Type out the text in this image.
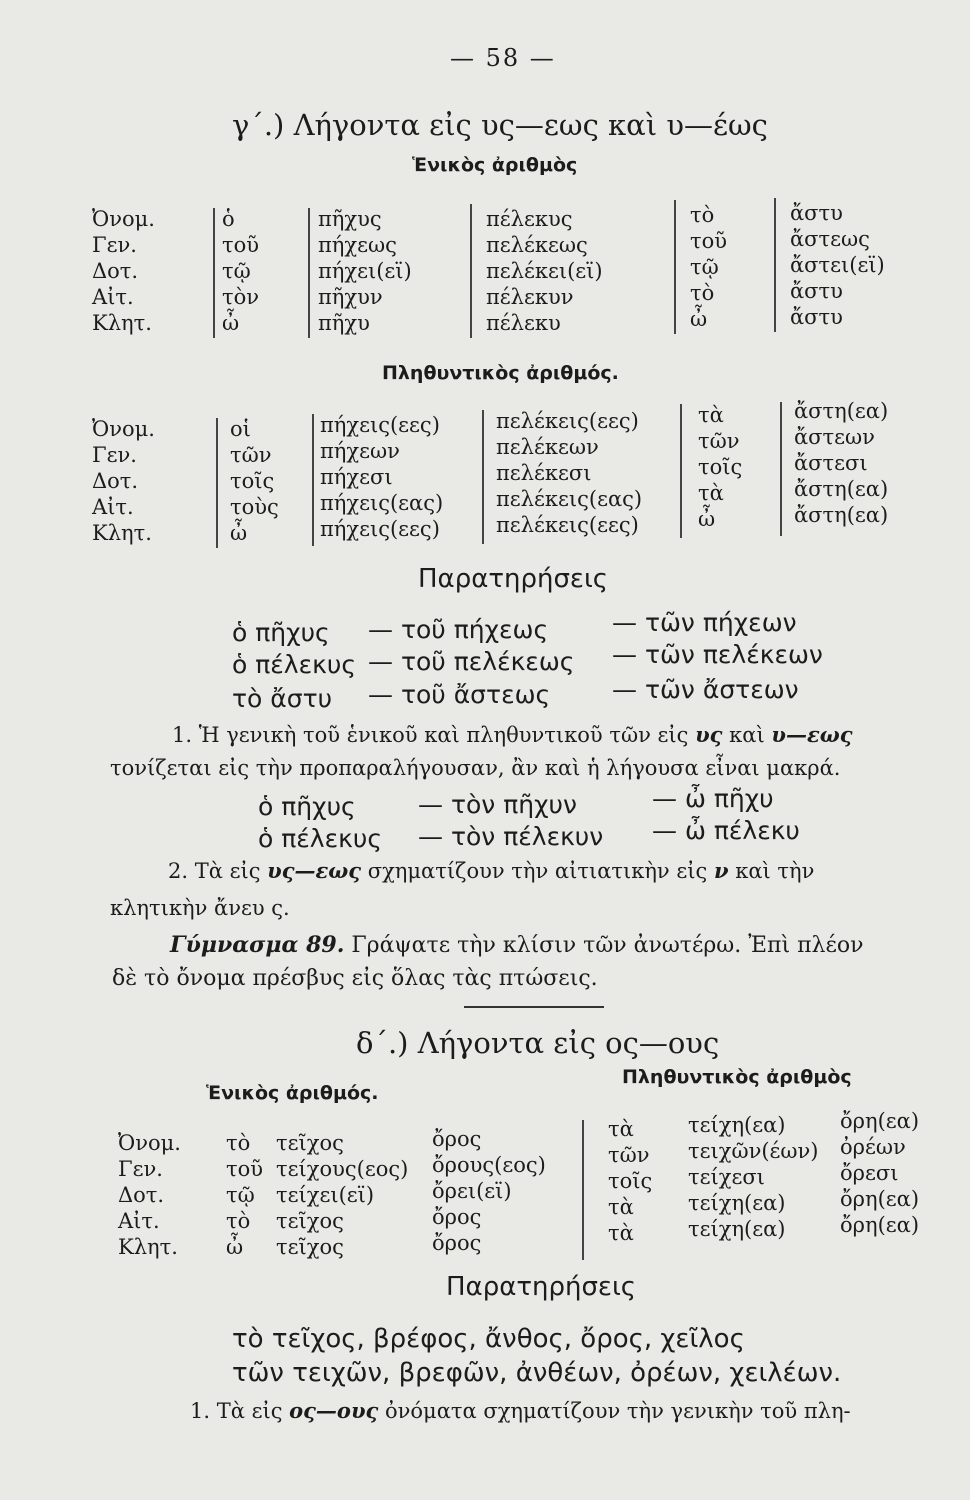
— 58 —
γ΄.) Λήγοντα εἰς υς—εως καὶ υ—έως
Ἑνικὸς ἀριθμὸς
Ὀνομ.
Γεν.
Δοτ.
Αἰτ.
Κλητ.
ὁ
τοῦ
τῷ
τὸν
ὦ
πῆχυς
πήχεως
πήχει(εϊ)
πῆχυν
πῆχυ
πέλεκυς
πελέκεως
πελέκει(εϊ)
πέλεκυν
πέλεκυ
τὸ
τοῦ
τῷ
τὸ
ὦ
ἄστυ
ἄστεως
ἄστει(εϊ)
ἄστυ
ἄστυ
Πληθυντικὸς ἀριθμός.
Ὀνομ.
Γεν.
Δοτ.
Αἰτ.
Κλητ.
οἱ
τῶν
τοῖς
τοὺς
ὦ
πήχεις(εες)
πήχεων
πήχεσι
πήχεις(εας)
πήχεις(εες)
πελέκεις(εες)
πελέκεων
πελέκεσι
πελέκεις(εας)
πελέκεις(εες)
τὰ
τῶν
τοῖς
τὰ
ὦ
ἄστη(εα)
ἄστεων
ἄστεσι
ἄστη(εα)
ἄστη(εα)
Παρατηρήσεις
ὁ πῆχυς — τοῦ πήχεως	— τῶν πήχεων
ὁ πέλεκυς — τοῦ πελέκεως — τῶν πελέκεων
τὸ ἄστυ — τοῦ ἄστεως — τῶν ἄστεων
1. Ἡ γενικὴ τοῦ ἑνικοῦ καὶ πληθυντικοῦ τῶν εἰς υς καὶ υ—εως
τονίζεται εἰς τὴν προπαραλήγουσαν, ἂν καὶ ἡ λήγουσα εἶναι μακρά.
ὁ πῆχυς — τὸν πῆχυν	— ὦ πῆχυ
ὁ πέλεκυς — τὸν πέλεκυν — ὦ πέλεκυ
2. Τὰ εἰς υς—εως σχηματίζουν τὴν αἰτιατικὴν εἰς ν καὶ τὴν
κλητικὴν ἄνευ ς.
Γύμνασμα 89. Γράψατε τὴν κλίσιν τῶν ἀνωτέρω. Ἐπὶ πλέον
δὲ τὸ ὄνομα πρέσβυς εἰς ὅλας τὰς πτώσεις.
δ΄.) Λήγοντα εἰς ος—ους
Ἑνικὸς ἀριθμός.
Πληθυντικὸς ἀριθμὸς
Ὀνομ.
Γεν.
Δοτ.
Αἰτ.
Κλητ.
τὸ
τοῦ
τῷ
τὸ
ὦ
τεῖχος
τείχους(εος)
τείχει(εϊ)
τεῖχος
τεῖχος
ὄρος
ὄρους(εος)
ὄρει(εϊ)
ὄρος
ὄρος
τὰ
τῶν
τοῖς
τὰ
τὰ
τείχη(εα)
τειχῶν(έων)
τείχεσι
τείχη(εα)
τείχη(εα)
ὄρη(εα)
ὀρέων
ὄρεσι
ὄρη(εα)
ὄρη(εα)
Παρατηρήσεις
τὸ τεῖχος, βρέφος, ἄνθος, ὄρος, χεῖλος
τῶν τειχῶν, βρεφῶν, ἀνθέων, ὀρέων, χειλέων.
1. Τὰ εἰς ος—ους ὀνόματα σχηματίζουν τὴν γενικὴν τοῦ πλη-
